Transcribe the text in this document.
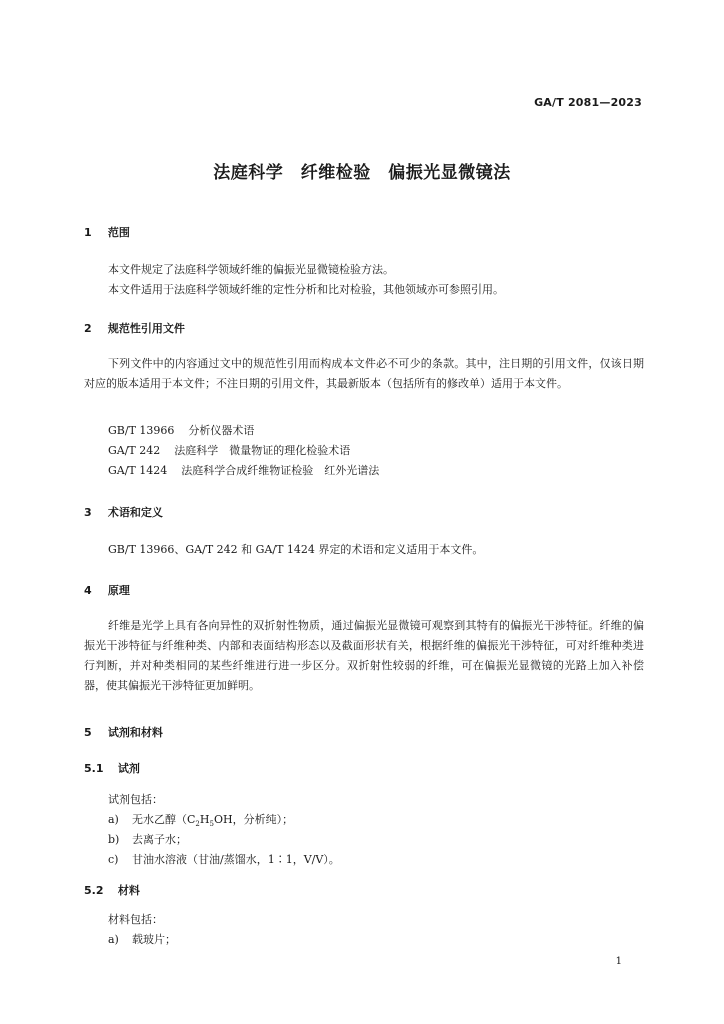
GA/T 2081—2023
法庭科学　纤维检验　偏振光显微镜法
1 范围
本文件规定了法庭科学领域纤维的偏振光显微镜检验方法。
本文件适用于法庭科学领域纤维的定性分析和比对检验，其他领域亦可参照引用。
2 规范性引用文件
下列文件中的内容通过文中的规范性引用而构成本文件必不可少的条款。其中，注日期的引用文件，仅该日期对应的版本适用于本文件；不注日期的引用文件，其最新版本（包括所有的修改单）适用于本文件。
GB/T 13966 分析仪器术语
GA/T 242 法庭科学　微量物证的理化检验术语
GA/T 1424 法庭科学合成纤维物证检验　红外光谱法
3 术语和定义
GB/T 13966、GA/T 242 和 GA/T 1424 界定的术语和定义适用于本文件。
4 原理
纤维是光学上具有各向异性的双折射性物质，通过偏振光显微镜可观察到其特有的偏振光干涉特征。纤维的偏振光干涉特征与纤维种类、内部和表面结构形态以及截面形状有关，根据纤维的偏振光干涉特征，可对纤维种类进行判断，并对种类相同的某些纤维进行进一步区分。双折射性较弱的纤维，可在偏振光显微镜的光路上加入补偿器，使其偏振光干涉特征更加鲜明。
5 试剂和材料
5.1 试剂
试剂包括：
a) 无水乙醇（$C_2H_5OH$，分析纯）；
b) 去离子水；
c) 甘油水溶液（甘油/蒸馏水，1∶1，V/V）。
5.2 材料
材料包括：
a) 载玻片；
1
